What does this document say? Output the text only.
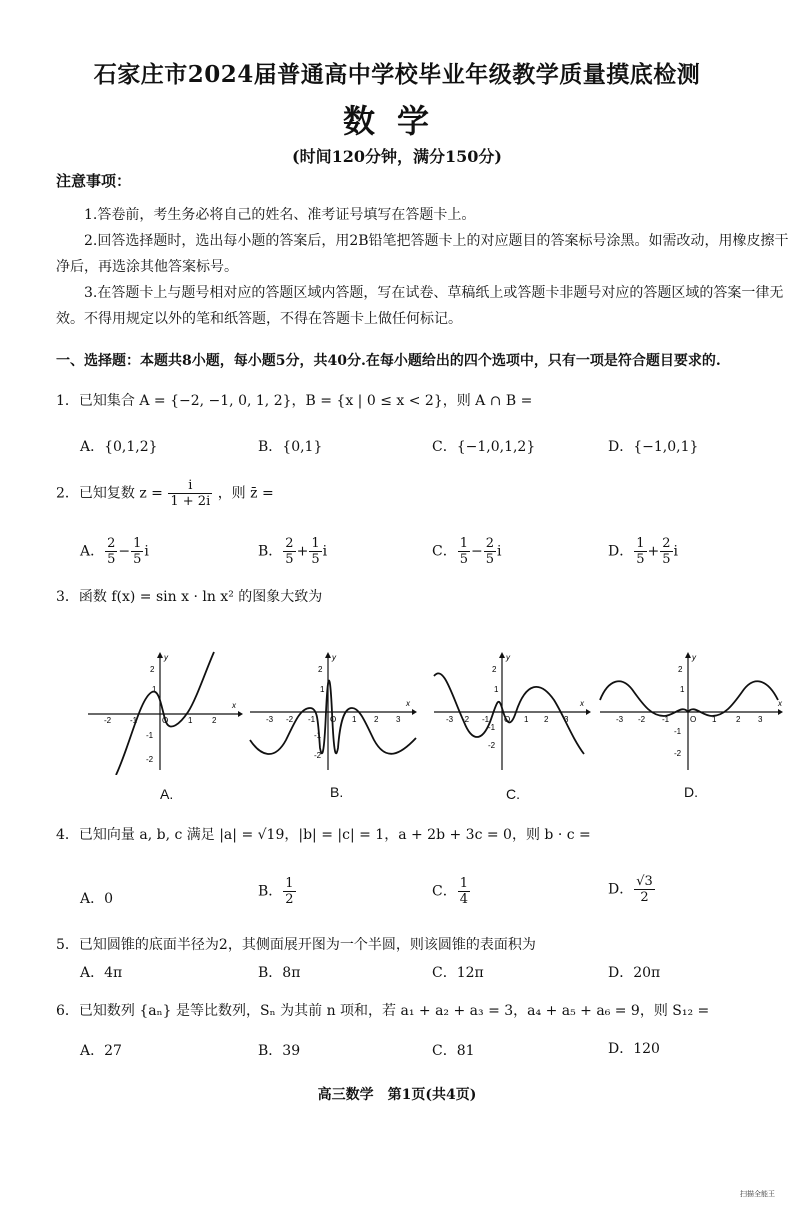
石家庄市2024届普通高中学校毕业年级教学质量摸底检测
数学
(时间120分钟，满分150分)
注意事项：
1.答卷前，考生务必将自己的姓名、准考证号填写在答题卡上。
2.回答选择题时，选出每小题的答案后，用2B铅笔把答题卡上的对应题目的答案标号涂黑。如需改动，用橡皮擦干净后，再选涂其他答案标号。
3.在答题卡上与题号相对应的答题区域内答题，写在试卷、草稿纸上或答题卡非题号对应的答题区域的答案一律无效。不得用规定以外的笔和纸答题，不得在答题卡上做任何标记。
一、选择题：本题共8小题，每小题5分，共40分.在每小题给出的四个选项中，只有一项是符合题目要求的.
1．已知集合 A = {−2, −1, 0, 1, 2}，B = {x | 0 ≤ x < 2}，则 A ∩ B =
A．{0,1,2}	B．{0,1}	C．{−1,0,1,2}	D．{−1,0,1}
2．已知复数 $z = \frac{i}{1 + 2i}$ ，则 z̄ =
A． $\frac{2}{5} - \frac{1}{5}$ i	B． $\frac{2}{5} + \frac{1}{5}$ i	C． $\frac{1}{5} - \frac{2}{5}$ i	D． $\frac{1}{5} + \frac{2}{5}$ i
3．函数 f(x) = sin x · ln x² 的图象大致为
y
x
2
1
-1
-2
-2 -1	O 1 2
A.
y
x
2
1
-1
-2
-3 -2 -1 O 1 2 3
B.
y
x
2
1
-1
-2
-3 -2 -1 O 1 2 3
C.
y
x
2
1
-1
-2
-3 -2 -1	O 1 2 3
D.
4．已知向量 a, b, c 满足 |a| = √19，|b| = |c| = 1，a + 2b + 3c = 0，则 b · c =
A．0	B． $\frac{1}{2}$	C． $\frac{1}{4}$	D． $\frac{√3}{2}$
5．已知圆锥的底面半径为2，其侧面展开图为一个半圆，则该圆锥的表面积为
A．4π	B．8π	C．12π	D．20π
6．已知数列 {aₙ} 是等比数列，Sₙ 为其前 n 项和，若 a₁ + a₂ + a₃ = 3，a₄ + a₅ + a₆ = 9，则 S₁₂ =
A．27	B．39	C．81	D．120
高三数学　第1页(共4页)
扫描全能王
